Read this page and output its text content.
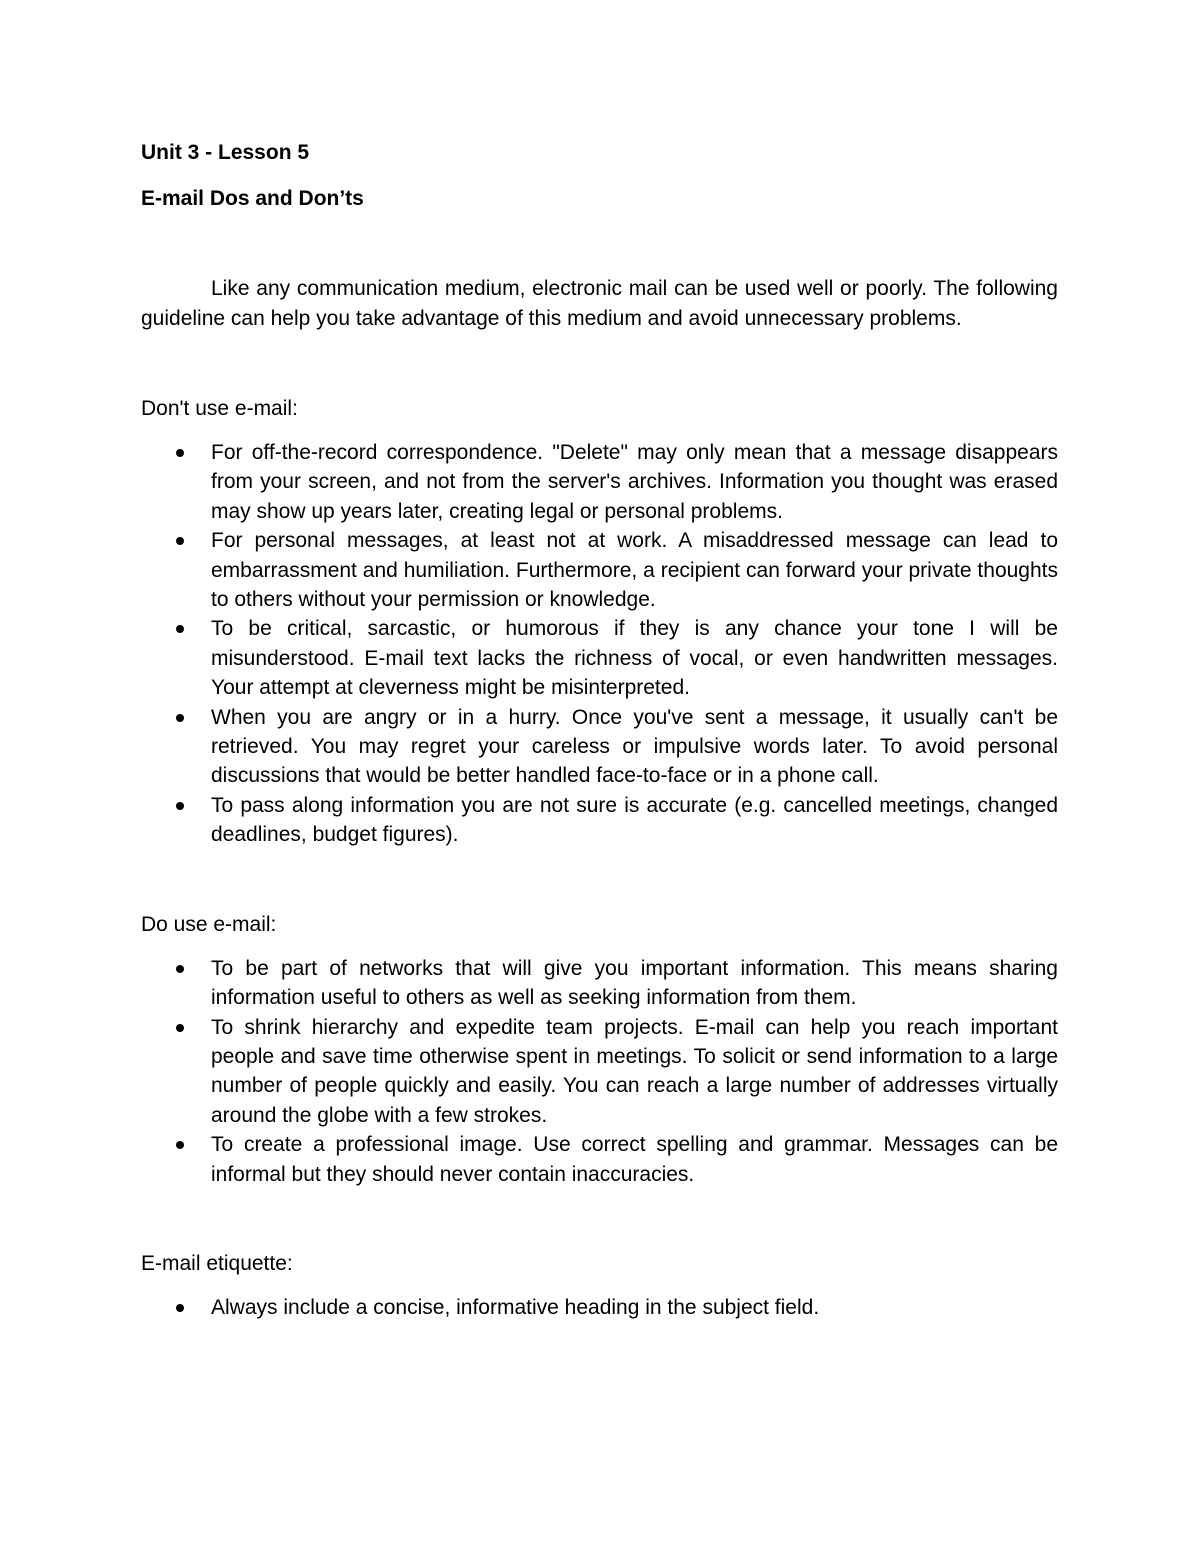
Unit 3 - Lesson 5

E-mail Dos and Don’ts

Like any communication medium, electronic mail can be used well or poorly. The following guideline can help you take advantage of this medium and avoid unnecessary problems.

Don't use e-mail:

For off-the-record correspondence. "Delete" may only mean that a message disappears from your screen, and not from the server's archives. Information you thought was erased may show up years later, creating legal or personal problems.
For personal messages, at least not at work. A misaddressed message can lead to embarrassment and humiliation. Furthermore, a recipient can forward your private thoughts to others without your permission or knowledge.
To be critical, sarcastic, or humorous if they is any chance your tone I will be misunderstood. E-mail text lacks the richness of vocal, or even handwritten messages. Your attempt at cleverness might be misinterpreted.
When you are angry or in a hurry. Once you've sent a message, it usually can't be retrieved. You may regret your careless or impulsive words later. To avoid personal discussions that would be better handled face-to-face or in a phone call.
To pass along information you are not sure is accurate (e.g. cancelled meetings, changed deadlines, budget figures).

Do use e-mail:

To be part of networks that will give you important information. This means sharing information useful to others as well as seeking information from them.
To shrink hierarchy and expedite team projects. E-mail can help you reach important people and save time otherwise spent in meetings. To solicit or send information to a large number of people quickly and easily. You can reach a large number of addresses virtually around the globe with a few strokes.
To create a professional image. Use correct spelling and grammar. Messages can be informal but they should never contain inaccuracies.

E-mail etiquette:

Always include a concise, informative heading in the subject field.
